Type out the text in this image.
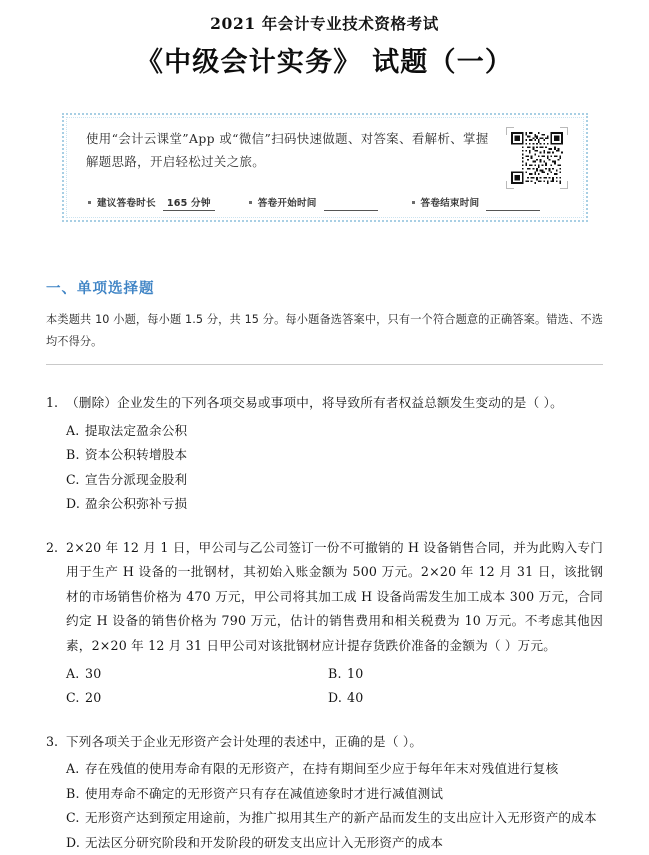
2021 年会计专业技术资格考试
《中级会计实务》 试题（一）
使用“会计云课堂”App 或“微信”扫码快速做题、对答案、看解析、掌握
解题思路，开启轻松过关之旅。
建议答卷时长	165 分钟	答卷开始时间
	答卷结束时间

一、单项选择题
本类题共 10 小题，每小题 1.5 分，共 15 分。每小题备选答案中，只有一个符合题意的正确答案。错选、不选均不得分。
1. （删除）企业发生的下列各项交易或事项中，将导致所有者权益总额发生变动的是（ ）。
A. 提取法定盈余公积
B. 资本公积转增股本
C. 宣告分派现金股利
D. 盈余公积弥补亏损
2. 2×20 年 12 月 1 日，甲公司与乙公司签订一份不可撤销的 H 设备销售合同，并为此购入专门用于生产 H 设备的一批钢材，其初始入账金额为 500 万元。2×20 年 12 月 31 日，该批钢材的市场销售价格为 470 万元，甲公司将其加工成 H 设备尚需发生加工成本 300 万元，合同约定 H 设备的销售价格为 790 万元，估计的销售费用和相关税费为 10 万元。不考虑其他因素，2×20 年 12 月 31 日甲公司对该批钢材应计提存货跌价准备的金额为（ ）万元。
A. 30	B. 10
C. 20	D. 40
3. 下列各项关于企业无形资产会计处理的表述中，正确的是（ ）。
A. 存在残值的使用寿命有限的无形资产，在持有期间至少应于每年年末对残值进行复核
B. 使用寿命不确定的无形资产只有存在减值迹象时才进行减值测试
C. 无形资产达到预定用途前，为推广拟用其生产的新产品而发生的支出应计入无形资产的成本
D. 无法区分研究阶段和开发阶段的研发支出应计入无形资产的成本
